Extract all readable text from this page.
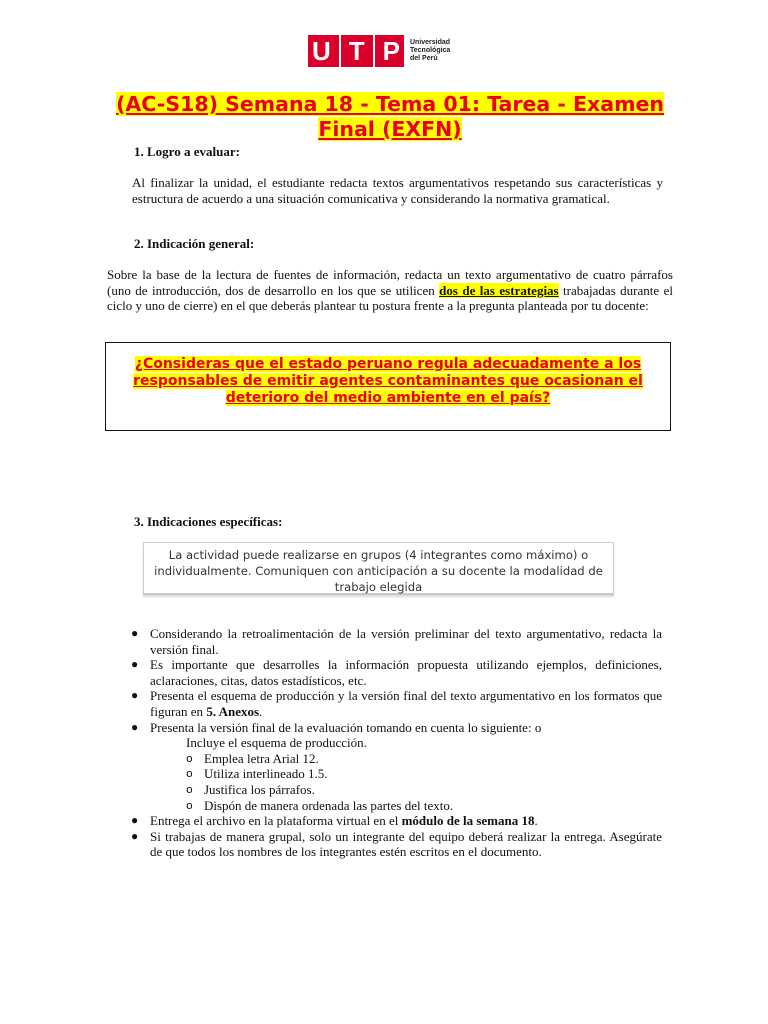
U T P Universidad
Tecnológica
del Perú
(AC-S18) Semana 18 - Tema 01: Tarea - Examen Final (EXFN)
1. Logro a evaluar:
Al finalizar la unidad, el estudiante redacta textos argumentativos respetando sus características y estructura de acuerdo a una situación comunicativa y considerando la normativa gramatical.
2. Indicación general:
Sobre la base de la lectura de fuentes de información, redacta un texto argumentativo de cuatro párrafos (uno de introducción, dos de desarrollo en los que se utilicen dos de las estrategias trabajadas durante el ciclo y uno de cierre) en el que deberás plantear tu postura frente a la pregunta planteada por tu docente:
¿Consideras que el estado peruano regula adecuadamente a los responsables de emitir agentes contaminantes que ocasionan el deterioro del medio ambiente en el país?
3. Indicaciones específicas:
La actividad puede realizarse en grupos (4 integrantes como máximo) o individualmente. Comuniquen con anticipación a su docente la modalidad de trabajo elegida
● Considerando la retroalimentación de la versión preliminar del texto argumentativo, redacta la versión final.
● Es importante que desarrolles la información propuesta utilizando ejemplos, definiciones, aclaraciones, citas, datos estadísticos, etc.
● Presenta el esquema de producción y la versión final del texto argumentativo en los formatos que figuran en 5. Anexos.
● Presenta la versión final de la evaluación tomando en cuenta lo siguiente: o
Incluye el esquema de producción.
o Emplea letra Arial 12.
o Utiliza interlineado 1.5.
o Justifica los párrafos.
o Dispón de manera ordenada las partes del texto.
● Entrega el archivo en la plataforma virtual en el módulo de la semana 18.
● Si trabajas de manera grupal, solo un integrante del equipo deberá realizar la entrega. Asegúrate de que todos los nombres de los integrantes estén escritos en el documento.
